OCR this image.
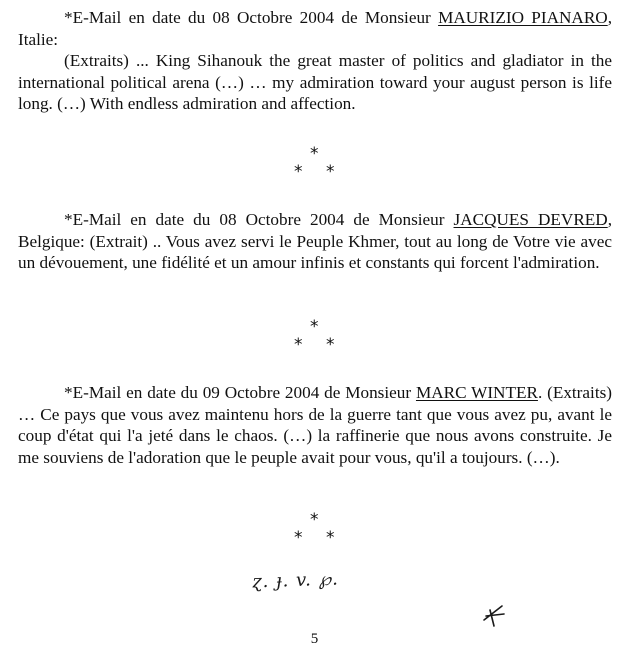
*E-Mail en date du 08 Octobre 2004 de Monsieur MAURIZIO PIANARO, Italie:
(Extraits) ... King Sihanouk the great master of politics and gladiator in the international political arena (…) … my admiration toward your august person is life long. (…) With endless admiration and affection.

*
* *

*E-Mail en date du 08 Octobre 2004 de Monsieur JACQUES DEVRED, Belgique: (Extrait) .. Vous avez servi le Peuple Khmer, tout au long de Votre vie avec un dévouement, une fidélité et un amour infinis et constants qui forcent l'admiration.

*
* *

*E-Mail en date du 09 Octobre 2004 de Monsieur MARC WINTER. (Extraits) … Ce pays que vous avez maintenu hors de la guerre tant que vous avez pu, avant le coup d'état qui l'a jeté dans le chaos. (…) la raffinerie que nous avons construite. Je me souviens de l'adoration que le peuple avait pour vous, qu'il a toujours. (…).

*
* *
ɀ. ɟ. v. ℘.
5
